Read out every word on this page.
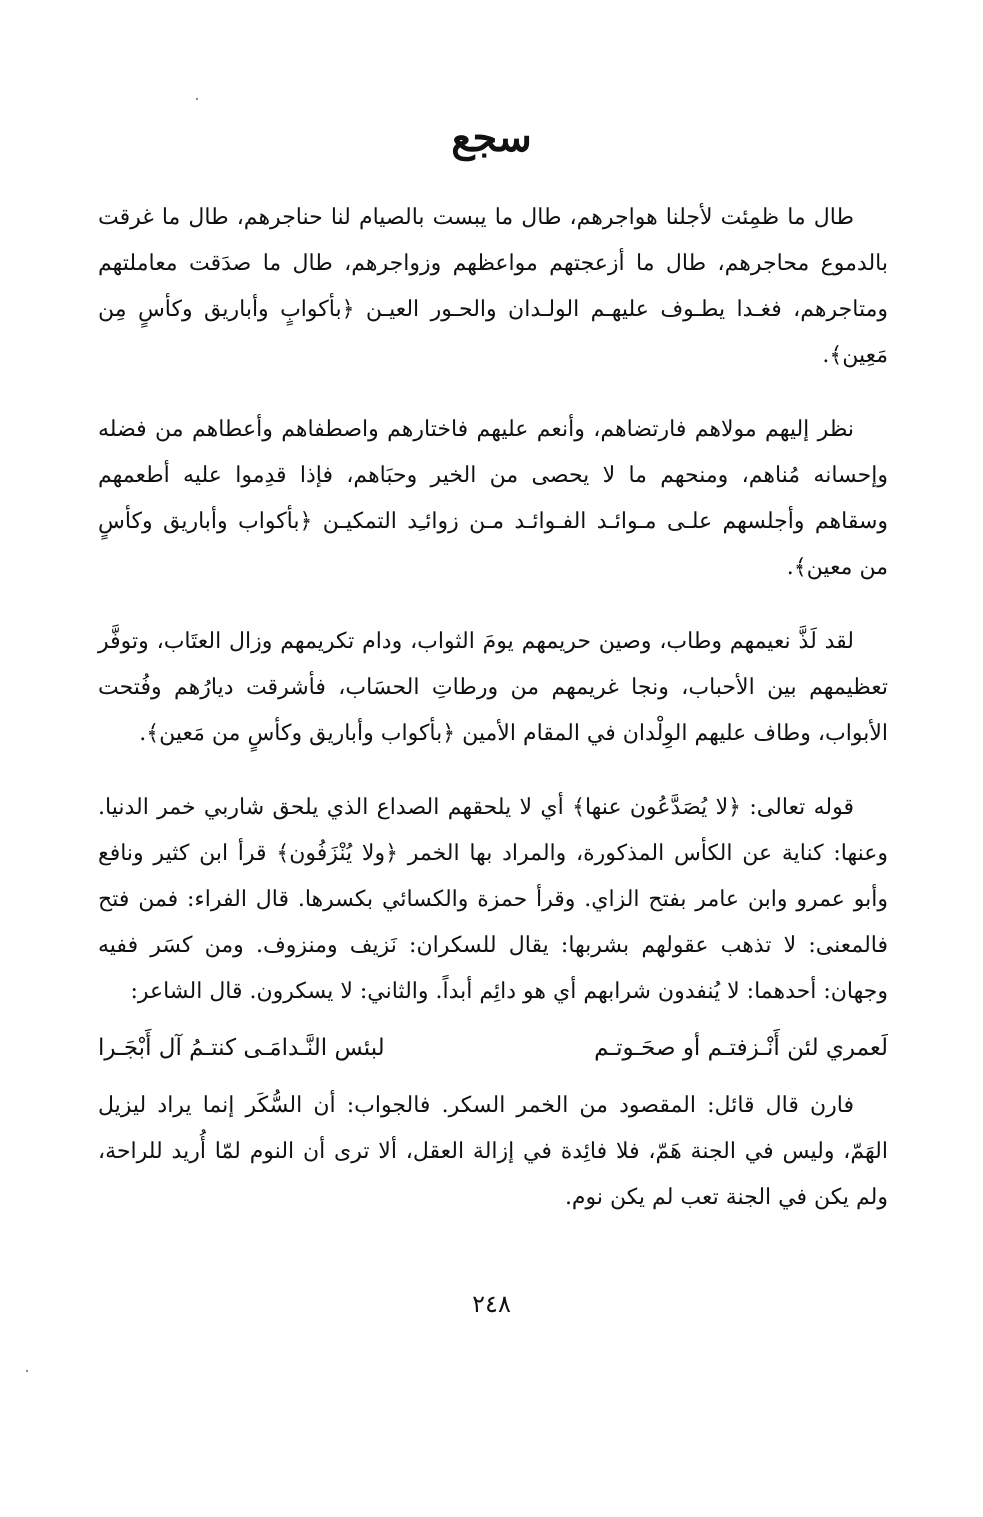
سجع

طال ما ظمِئت لأجلنا هواجرهم، طال ما يبست بالصيام لنا حناجرهم، طال ما غرقت بالدموع محاجرهم، طال ما أزعجتهم مواعظهم وزواجرهم، طال ما صدَقت معاملتهم ومتاجرهم، فغـدا يطـوف عليهـم الولـدان والحـور العيـن ﴿بأكوابٍ وأباريق وكأسٍ مِن مَعِين﴾.

نظر إليهم مولاهم فارتضاهم، وأنعم عليهم فاختارهم واصطفاهم وأعطاهم من فضله وإحسانه مُناهم، ومنحهم ما لا يحصى من الخير وحبَاهم، فإذا قدِموا عليه أطعمهم وسقاهم وأجلسهم علـى مـوائـد الفـوائـد مـن زوائـِد التمكيـن ﴿بأكواب وأباريق وكأسٍ من معين﴾.

لقد لَذَّ نعيمهم وطاب، وصين حريمهم يومَ الثواب، ودام تكريمهم وزال العتَاب، وتوفَّر تعظيمهم بين الأحباب، ونجا غريمهم من ورطاتِ الحسَاب، فأشرقت ديارُهم وفُتحت الأبواب، وطاف عليهم الوِلْدان في المقام الأمين ﴿بأكواب وأباريق وكأسٍ من مَعين﴾.

قوله تعالى: ﴿لا يُصَدَّعُون عنها﴾ أي لا يلحقهم الصداع الذي يلحق شاربي خمر الدنيا. وعنها: كناية عن الكأس المذكورة، والمراد بها الخمر ﴿ولا يُنْزَفُون﴾ قرأ ابن كثير ونافع وأبو عمرو وابن عامر بفتح الزاي. وقرأ حمزة والكسائي بكسرها. قال الفراء: فمن فتح فالمعنى: لا تذهب عقولهم بشربها: يقال للسكران: نَزيف ومنزوف. ومن كسَر ففيه وجهان: أحدهما: لا يُنفدون شرابهم أي هو دائِم أبداً. والثاني: لا يسكرون. قال الشاعر:

لَعمري لئن أَنْـزفتـم أو صحَـوتـم
لبئس النَّـدامَـى كنتـمُ آل أَبْجَـرا

فارن قال قائل: المقصود من الخمر السكر. فالجواب: أن السُّكَر إنما يراد ليزيل الهَمّ، وليس في الجنة هَمّ، فلا فائِدة في إزالة العقل، ألا ترى أن النوم لمّا أُريد للراحة، ولم يكن في الجنة تعب لم يكن نوم.

٢٤٨
